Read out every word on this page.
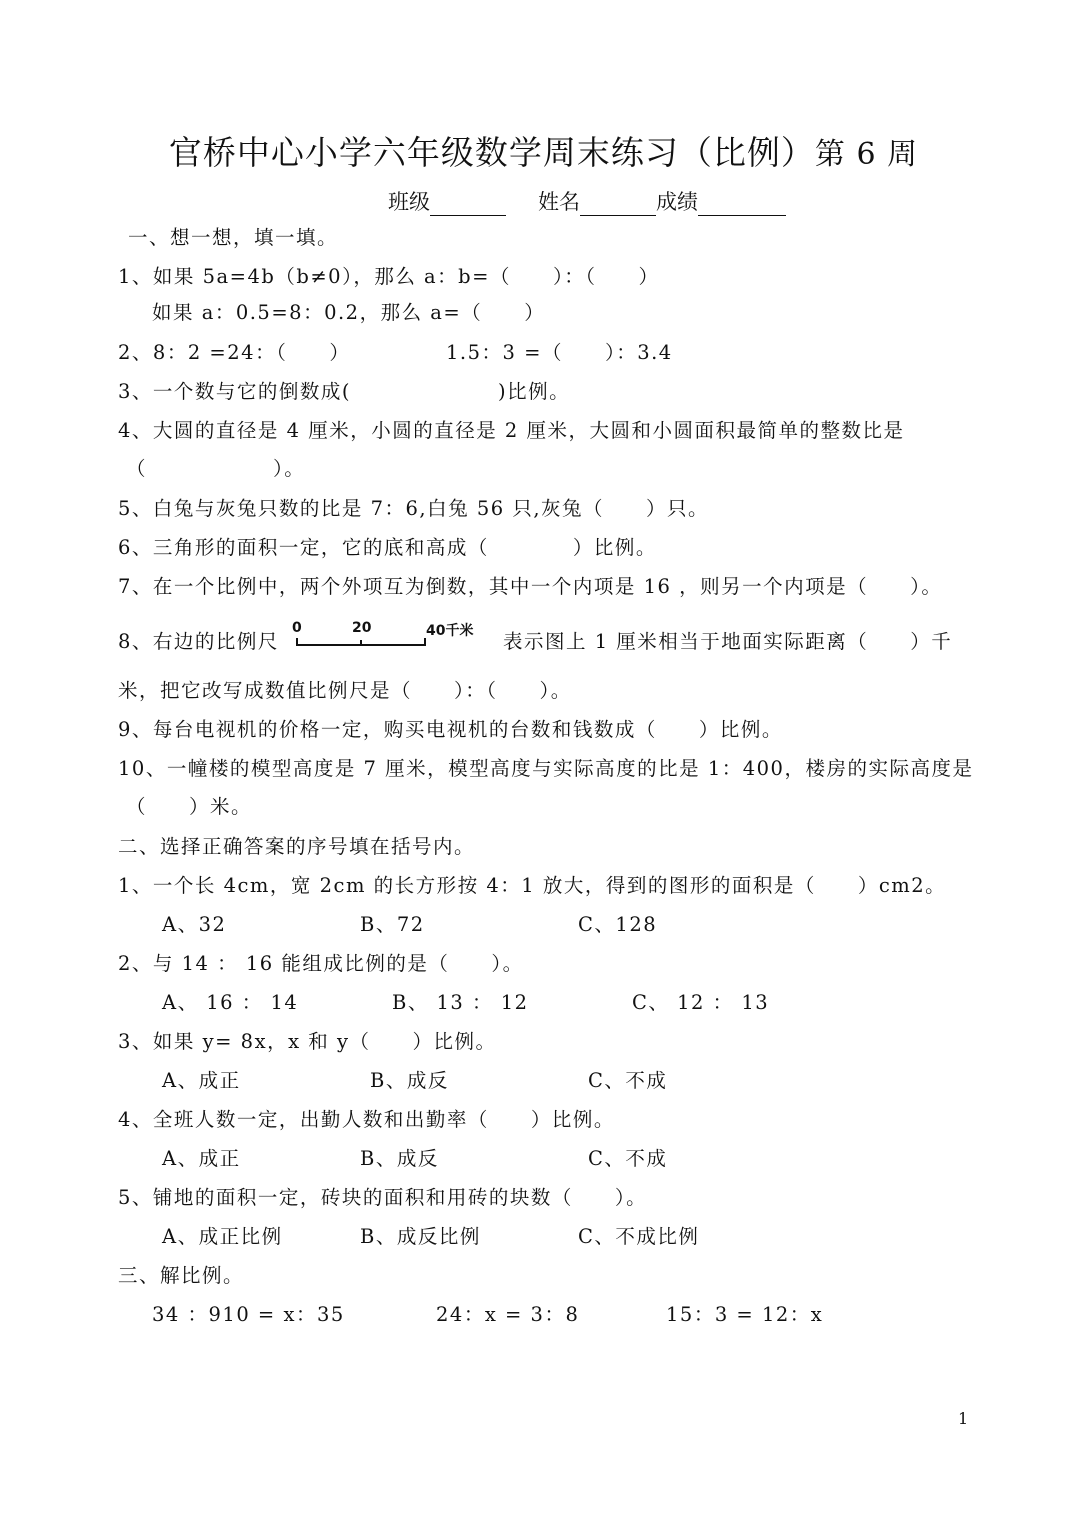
官桥中心小学六年级数学周末练习（比例）第 6 周
班级	姓名	成绩
一、想一想，填一填。
1、如果 5a=4b（b≠0），那么 a：b=（　　）：（　　）
如果 a：0.5=8：0.2，那么 a=（　　）
2、8：2 =24：（　　）	1.5：3 =（　　）：3.4
3、一个数与它的倒数成(　　　　　　　)比例。
4、大圆的直径是 4 厘米，小圆的直径是 2 厘米，大圆和小圆面积最简单的整数比是
（　　　　　　）。
5、白兔与灰兔只数的比是 7：6,白兔 56 只,灰兔（　　）只。
6、三角形的面积一定，它的底和高成（　　　　）比例。
7、在一个比例中，两个外项互为倒数，其中一个内项是 16 ，则另一个内项是（　　）。
8、右边的比例尺
0	20	40千米 表示图上 1 厘米相当于地面实际距离（　　）千
米，把它改写成数值比例尺是（　　）：（　　）。
9、每台电视机的价格一定，购买电视机的台数和钱数成（　　）比例。
10、一幢楼的模型高度是 7 厘米，模型高度与实际高度的比是 1：400，楼房的实际高度是
（　　）米。
二、选择正确答案的序号填在括号内。
1、一个长 4cm，宽 2cm 的长方形按 4：1 放大，得到的图形的面积是（　　）cm2。
A、32	B、72	C、128
2、与 14 ： 16 能组成比例的是（　　）。
A、 16 ： 14	B、 13 ： 12	C、 12 ： 13
3、如果 y= 8x，x 和 y（　　）比例。
A、成正	B、成反	C、不成
4、全班人数一定，出勤人数和出勤率（　　）比例。
A、成正	B、成反	C、不成
5、铺地的面积一定，砖块的面积和用砖的块数（　　）。
A、成正比例	B、成反比例	C、不成比例
三、解比例。
34 ：910 = x：35	24：x = 3：8	15：3 = 12：x
1
